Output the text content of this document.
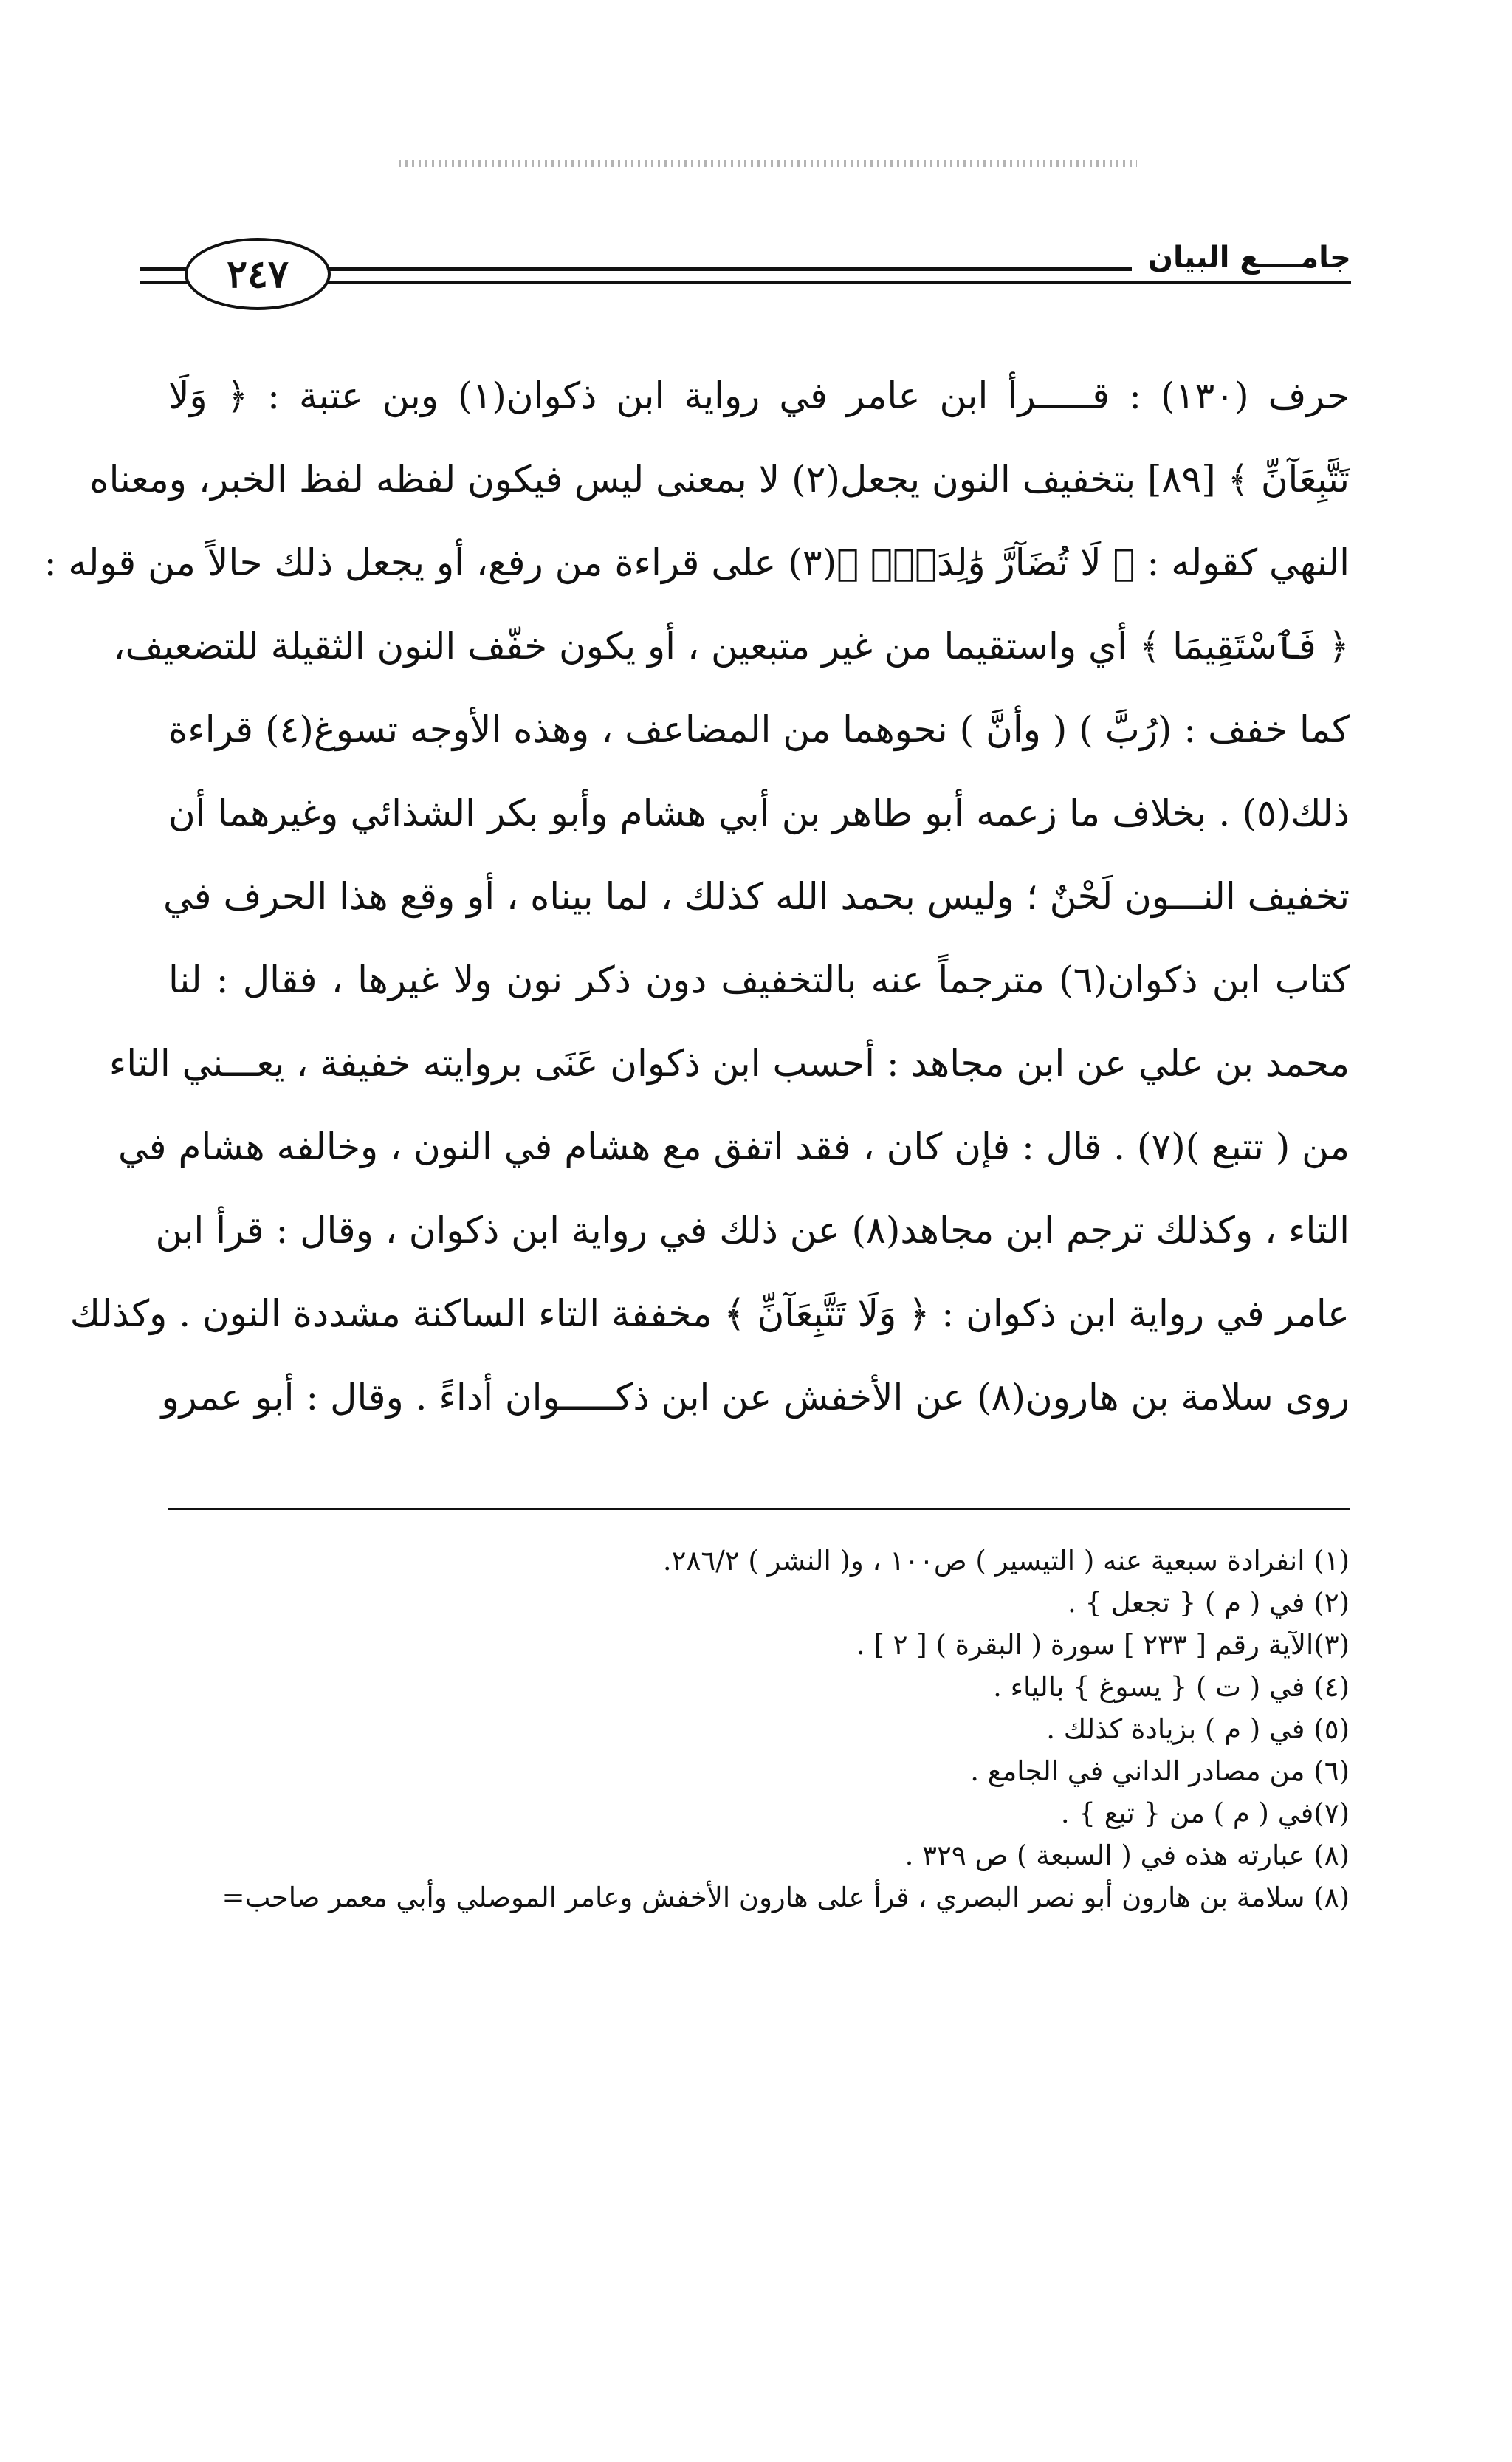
٢٤٧	جامــــع البيان
حرف (١٣٠) : قـــــرأ ابن عامر في رواية ابن ذكوان(١) وبن عتبة : ﴿ وَلَا
تَتَّبِعَآنِّ ﴾ [٨٩] بتخفيف النون يجعل(٢) لا بمعنى ليس فيكون لفظه لفظ الخبر، ومعناه
النهي كقوله : ﴿ لَا تُضَآرَّ وَٰلِدَةُۢ ﴾(٣) على قراءة من رفع، أو يجعل ذلك حالاً من قوله :
﴿ فَٱسْتَقِيمَا ﴾ أي واستقيما من غير متبعين ، أو يكون خفّف النون الثقيلة للتضعيف،
كما خفف : (رُبَّ ) ( وأنَّ ) نحوهما من المضاعف ، وهذه الأوجه تسوغ(٤) قراءة
ذلك(٥) . بخلاف ما زعمه أبو طاهر بن أبي هشام وأبو بكر الشذائي وغيرهما أن
تخفيف النـــون لَحْنٌ ؛ وليس بحمد الله كذلك ، لما بيناه ، أو وقع هذا الحرف في
كتاب ابن ذكوان(٦) مترجماً عنه بالتخفيف دون ذكر نون ولا غيرها ، فقال : لنا
محمد بن علي عن ابن مجاهد : أحسب ابن ذكوان عَنَى بروايته خفيفة ، يعـــني التاء
من ( تتبع )(٧) . قال : فإن كان ، فقد اتفق مع هشام في النون ، وخالفه هشام في
التاء ، وكذلك ترجم ابن مجاهد(٨) عن ذلك في رواية ابن ذكوان ، وقال : قرأ ابن
عامر في رواية ابن ذكوان : ﴿ وَلَا تَتَّبِعَآنِّ ﴾ مخففة التاء الساكنة مشددة النون . وكذلك
روى سلامة بن هارون(٨) عن الأخفش عن ابن ذكـــــوان أداءً . وقال : أبو عمرو
(١) انفرادة سبعية عنه ( التيسير ) ص١٠٠ ، و( النشر ) ٢٨٦/٢.
(٢) في ( م ) { تجعل } .
(٣)الآية رقم [ ٢٣٣ ] سورة ( البقرة ) [ ٢ ] .
(٤) في ( ت ) { يسوغ } بالياء .
(٥) في ( م ) بزيادة كذلك .
(٦) من مصادر الداني في الجامع .
(٧)في ( م ) من { تبع } .
(٨) عبارته هذه في ( السبعة ) ص ٣٢٩ .
(٨) سلامة بن هارون أبو نصر البصري ، قرأ على هارون الأخفش وعامر الموصلي وأبي معمر صاحب=
